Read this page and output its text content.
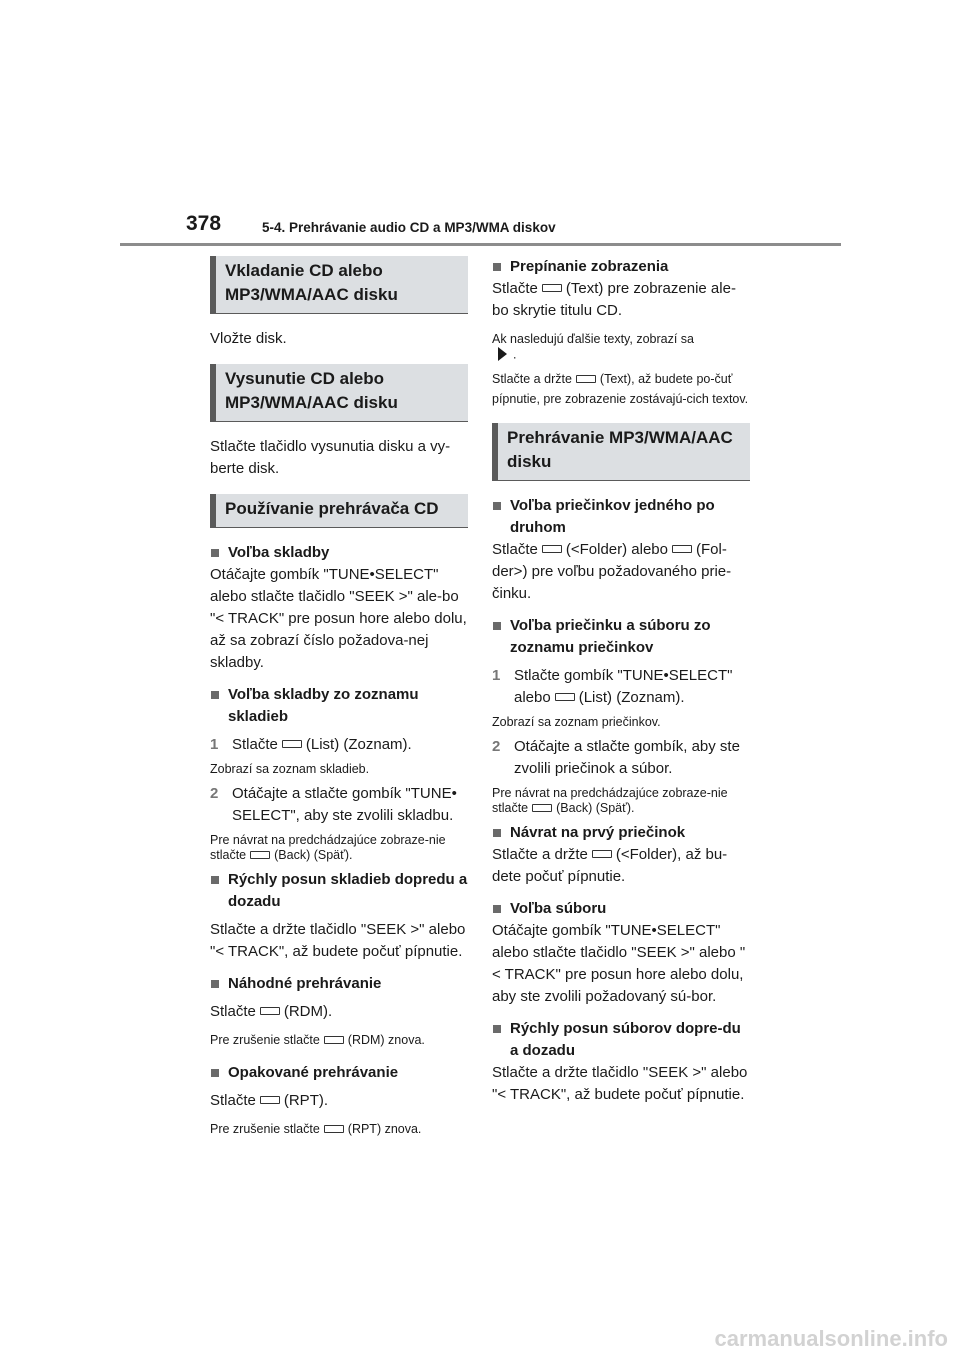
378	5-4. Prehrávanie audio CD a MP3/WMA diskov
Vkladanie CD alebo MP3/WMA/AAC disku

Vložte disk.

Vysunutie CD alebo MP3/WMA/AAC disku

Stlačte tlačidlo vysunutia disku a vy-berte disk.

Používanie prehrávača CD

Voľba skladby

Otáčajte gombík "TUNE•SELECT" alebo stlačte tlačidlo "SEEK >" ale-bo "< TRACK" pre posun hore alebo dolu, až sa zobrazí číslo požadova-nej skladby.

Voľba skladby zo zoznamu skladieb

1 Stlačte (List) (Zoznam).

Zobrazí sa zoznam skladieb.

2 Otáčajte a stlačte gombík "TUNE• SELECT", aby ste zvolili skladbu.

Pre návrat na predchádzajúce zobraze-nie stlačte (Back) (Späť).

Rýchly posun skladieb dopredu a dozadu

Stlačte a držte tlačidlo "SEEK >" alebo "< TRACK", až budete počuť pípnutie.

Náhodné prehrávanie

Stlačte (RDM).

Pre zrušenie stlačte (RDM) znova.

Opakované prehrávanie

Stlačte (RPT).

Pre zrušenie stlačte (RPT) znova.

Prepínanie zobrazenia

Stlačte (Text) pre zobrazenie ale-bo skrytie titulu CD.

Ak nasledujú ďalšie texty, zobrazí sa
.

Stlačte a držte (Text), až budete po-čuť pípnutie, pre zobrazenie zostávajú-cich textov.

Prehrávanie MP3/WMA/AAC disku

Voľba priečinkov jedného po druhom

Stlačte (<Folder) alebo (Fol-der>) pre voľbu požadovaného prie-činku.

Voľba priečinku a súboru zo zoznamu priečinkov

1 Stlačte gombík "TUNE•SELECT" alebo (List) (Zoznam).

Zobrazí sa zoznam priečinkov.

2 Otáčajte a stlačte gombík, aby ste zvolili priečinok a súbor.

Pre návrat na predchádzajúce zobraze-nie stlačte (Back) (Späť).

Návrat na prvý priečinok

Stlačte a držte (<Folder), až bu-dete počuť pípnutie.

Voľba súboru

Otáčajte gombík "TUNE•SELECT" alebo stlačte tlačidlo "SEEK >" alebo "< TRACK" pre posun hore alebo dolu, aby ste zvolili požadovaný sú-bor.

Rýchly posun súborov dopre-du a dozadu

Stlačte a držte tlačidlo "SEEK >" alebo "< TRACK", až budete počuť pípnutie.

carmanualsonline.info
